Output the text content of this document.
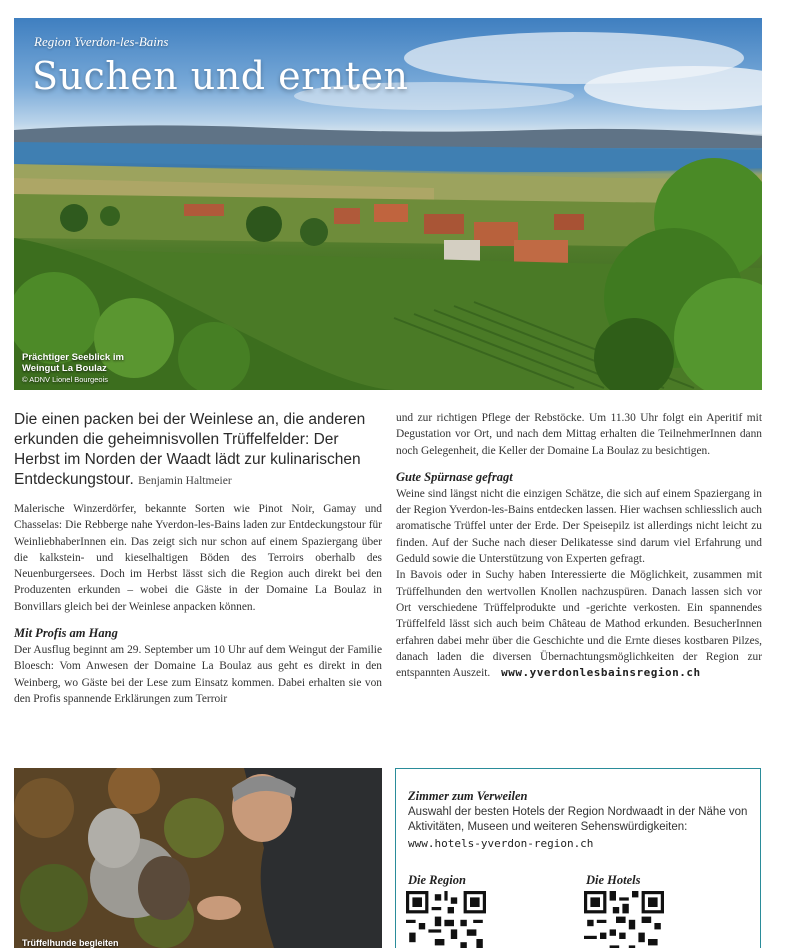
Region Yverdon-les-Bains
Suchen und ernten
Prächtiger Seeblick im
Weingut La Boulaz
© ADNV Lionel Bourgeois

Die einen packen bei der Weinlese an, die anderen erkunden die geheimnisvollen Trüffelfelder: Der Herbst im Norden der Waadt lädt zur kulinarischen Entdeckungstour. Benjamin Haltmeier

Malerische Winzerdörfer, bekannte Sorten wie Pinot Noir, Gamay und Chasselas: Die Rebberge nahe Yverdon-les-Bains laden zur Entdeckungstour für WeinliebhaberInnen ein. Das zeigt sich nur schon auf einem Spaziergang über die kalkstein- und kieselhaltigen Böden des Terroirs oberhalb des Neuenburgersees. Doch im Herbst lässt sich die Region auch direkt bei den Produzenten erkunden – wobei die Gäste in der Domaine La Boulaz in Bonvillars gleich bei der Weinlese anpacken können.

Mit Profis am Hang

Der Ausflug beginnt am 29. September um 10 Uhr auf dem Weingut der Familie Bloesch: Vom Anwesen der Domaine La Boulaz aus geht es direkt in den Weinberg, wo Gäste bei der Lese zum Einsatz kommen. Dabei erhalten sie von den Profis spannende Erklärungen zum Terroir

und zur richtigen Pflege der Rebstöcke. Um 11.30 Uhr folgt ein Aperitif mit Degustation vor Ort, und nach dem Mittag erhalten die TeilnehmerInnen dann noch Gelegenheit, die Keller der Domaine La Boulaz zu besichtigen.

Gute Spürnase gefragt

Weine sind längst nicht die einzigen Schätze, die sich auf einem Spaziergang in der Region Yverdon-les-Bains entdecken lassen. Hier wachsen schliesslich auch aromatische Trüffel unter der Erde. Der Speisepilz ist allerdings nicht leicht zu finden. Auf der Suche nach dieser Delikatesse sind darum viel Erfahrung und Geduld sowie die Unterstützung von Experten gefragt.

In Bavois oder in Suchy haben Interessierte die Möglichkeit, zusammen mit Trüffelhunden den wertvollen Knollen nachzuspüren. Danach lassen sich vor Ort verschiedene Trüffelprodukte und -gerichte verkosten. Ein spannendes Trüffelfeld lässt sich auch beim Château de Mathod erkunden. BesucherInnen erfahren dabei mehr über die Geschichte und die Ernte dieses kostbaren Pilzes, danach laden die diversen Übernachtungsmöglichkeiten der Region zur entspannten Auszeit. www.yverdonlesbainsregion.ch

Trüffelhunde begleiten
Zimmer zum Verweilen
Auswahl der besten Hotels der Region Nordwaadt in der Nähe von Aktivitäten, Museen und weiteren Sehenswürdigkeiten:
www.hotels-yverdon-region.ch
Die Region	Die Hotels
